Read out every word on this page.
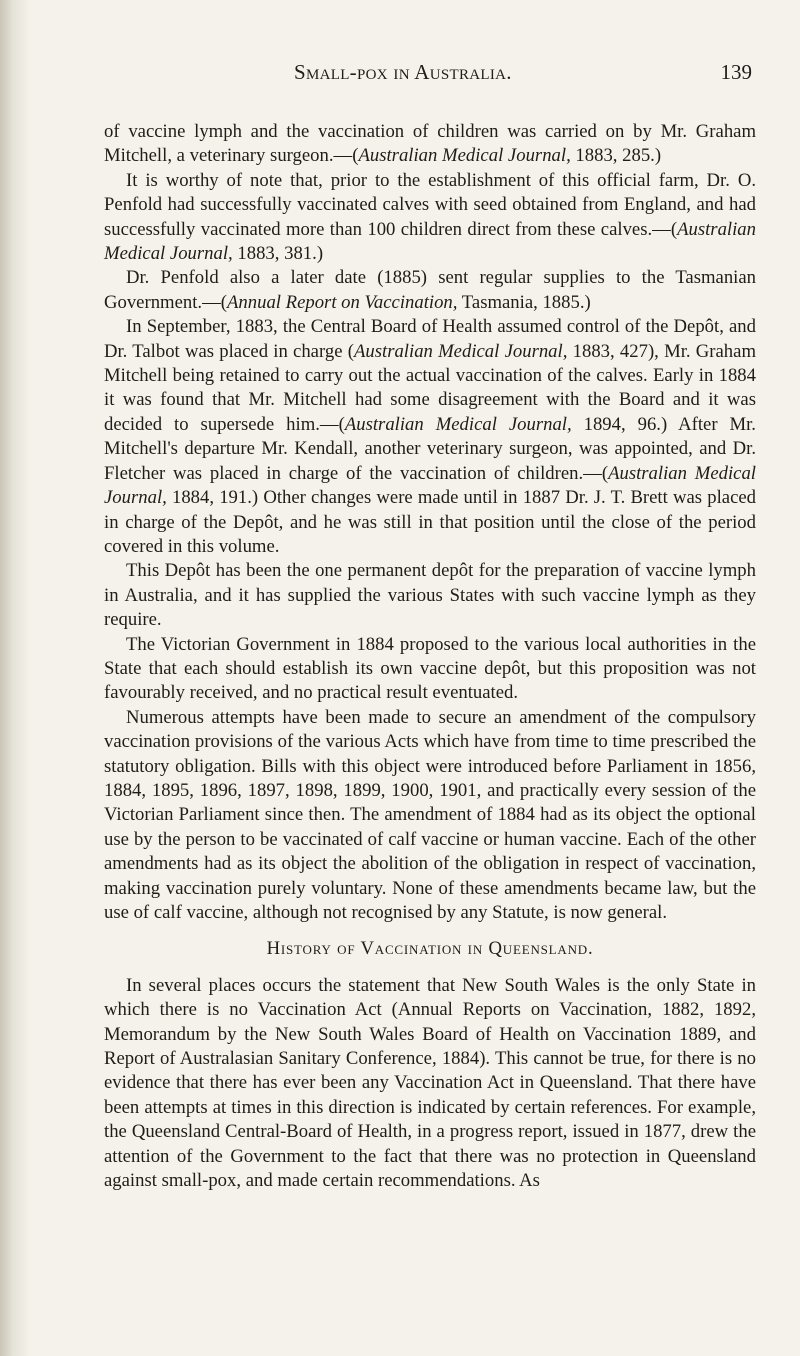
Small-pox in Australia.	139

of vaccine lymph and the vaccination of children was carried on by Mr. Graham Mitchell, a veterinary surgeon.—(Australian Medical Journal, 1883, 285.)

It is worthy of note that, prior to the establishment of this official farm, Dr. O. Penfold had successfully vaccinated calves with seed obtained from England, and had successfully vaccinated more than 100 children direct from these calves.—(Australian Medical Journal, 1883, 381.)

Dr. Penfold also a later date (1885) sent regular supplies to the Tasmanian Government.—(Annual Report on Vaccination, Tasmania, 1885.)

In September, 1883, the Central Board of Health assumed control of the Depôt, and Dr. Talbot was placed in charge (Australian Medical Journal, 1883, 427), Mr. Graham Mitchell being retained to carry out the actual vaccination of the calves. Early in 1884 it was found that Mr. Mitchell had some disagreement with the Board and it was decided to supersede him.—(Australian Medical Journal, 1894, 96.) After Mr. Mitchell's departure Mr. Kendall, another veterinary surgeon, was appointed, and Dr. Fletcher was placed in charge of the vaccination of children.—(Australian Medical Journal, 1884, 191.) Other changes were made until in 1887 Dr. J. T. Brett was placed in charge of the Depôt, and he was still in that position until the close of the period covered in this volume.

This Depôt has been the one permanent depôt for the preparation of vaccine lymph in Australia, and it has supplied the various States with such vaccine lymph as they require.

The Victorian Government in 1884 proposed to the various local authorities in the State that each should establish its own vaccine depôt, but this proposition was not favourably received, and no practical result eventuated.

Numerous attempts have been made to secure an amendment of the compulsory vaccination provisions of the various Acts which have from time to time prescribed the statutory obligation. Bills with this object were introduced before Parliament in 1856, 1884, 1895, 1896, 1897, 1898, 1899, 1900, 1901, and practically every session of the Victorian Parliament since then. The amendment of 1884 had as its object the optional use by the person to be vaccinated of calf vaccine or human vaccine. Each of the other amendments had as its object the abolition of the obligation in respect of vaccination, making vaccination purely voluntary. None of these amendments became law, but the use of calf vaccine, although not recognised by any Statute, is now general.

History of Vaccination in Queensland.

In several places occurs the statement that New South Wales is the only State in which there is no Vaccination Act (Annual Reports on Vaccination, 1882, 1892, Memorandum by the New South Wales Board of Health on Vaccination 1889, and Report of Australasian Sanitary Conference, 1884). This cannot be true, for there is no evidence that there has ever been any Vaccination Act in Queensland. That there have been attempts at times in this direction is indicated by certain references. For example, the Queensland Central-Board of Health, in a progress report, issued in 1877, drew the attention of the Government to the fact that there was no protection in Queensland against small-pox, and made certain recommendations. As
